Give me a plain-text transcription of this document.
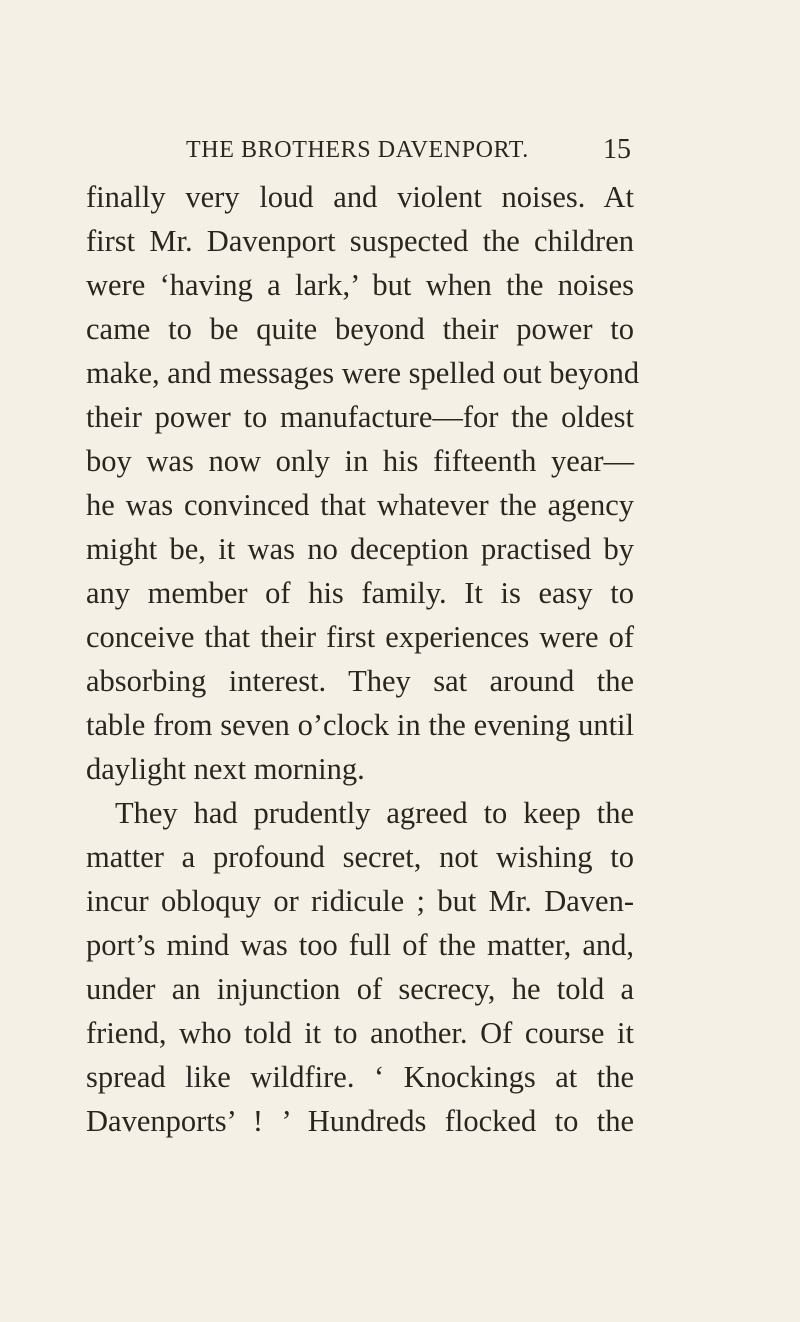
THE BROTHERS DAVENPORT.	15
finally very loud and violent noises. At
first Mr. Davenport suspected the children
were ‘having a lark,’ but when the noises
came to be quite beyond their power to
make, and messages were spelled out beyond
their power to manufacture—for the oldest
boy was now only in his fifteenth year—
he was convinced that whatever the agency
might be, it was no deception practised by
any member of his family. It is easy to
conceive that their first experiences were of
absorbing interest. They sat around the
table from seven o’clock in the evening until
daylight next morning.
They had prudently agreed to keep the
matter a profound secret, not wishing to
incur obloquy or ridicule ; but Mr. Daven-
port’s mind was too full of the matter, and,
under an injunction of secrecy, he told a
friend, who told it to another. Of course it
spread like wildfire. ‘ Knockings at the
Davenports’ ! ’ Hundreds flocked to the
